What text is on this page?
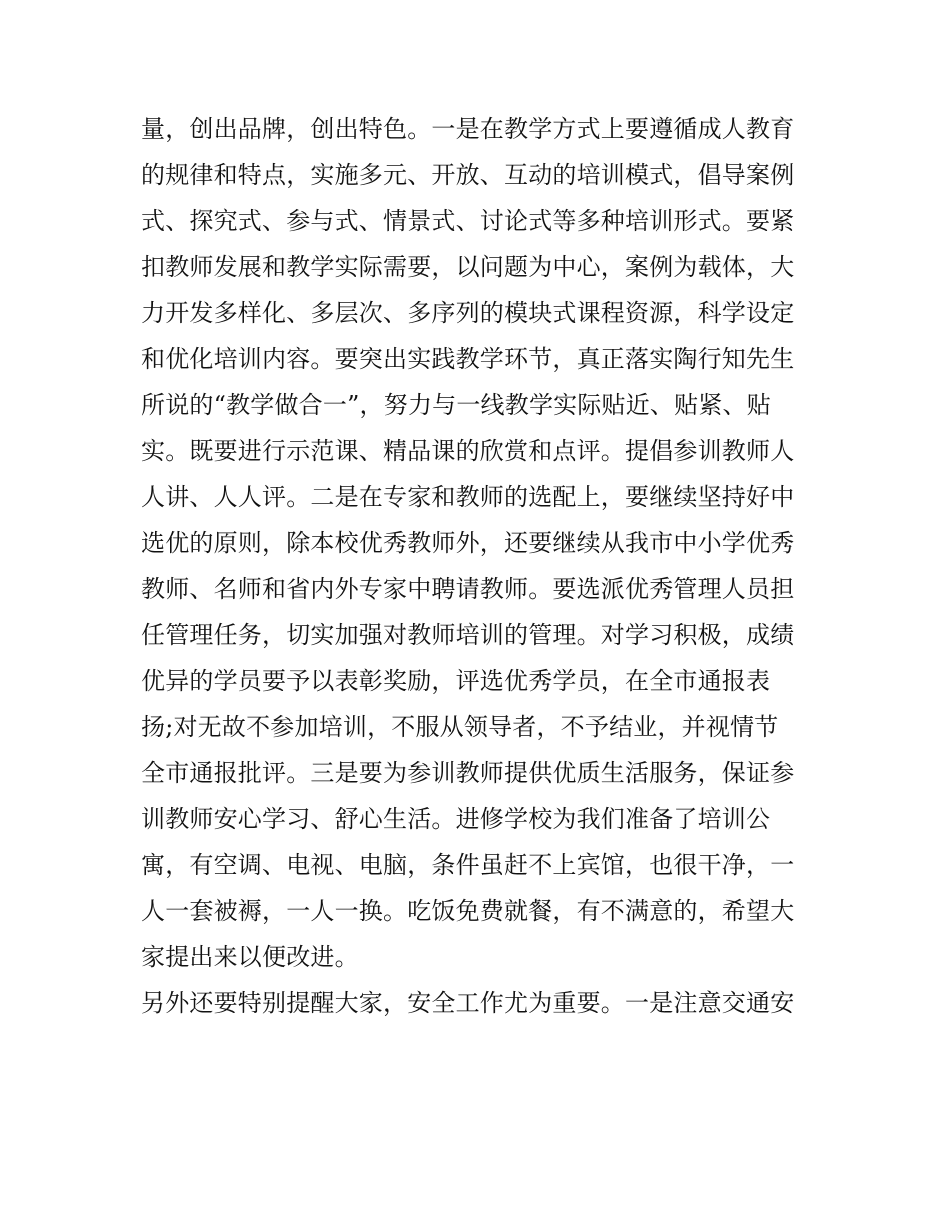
量，创出品牌，创出特色。一是在教学方式上要遵循成人教育
的规律和特点，实施多元、开放、互动的培训模式，倡导案例
式、探究式、参与式、情景式、讨论式等多种培训形式。要紧
扣教师发展和教学实际需要，以问题为中心，案例为载体，大
力开发多样化、多层次、多序列的模块式课程资源，科学设定
和优化培训内容。要突出实践教学环节，真正落实陶行知先生
所说的“教学做合一”，努力与一线教学实际贴近、贴紧、贴
实。既要进行示范课、精品课的欣赏和点评。提倡参训教师人
人讲、人人评。二是在专家和教师的选配上，要继续坚持好中
选优的原则，除本校优秀教师外，还要继续从我市中小学优秀
教师、名师和省内外专家中聘请教师。要选派优秀管理人员担
任管理任务，切实加强对教师培训的管理。对学习积极，成绩
优异的学员要予以表彰奖励，评选优秀学员，在全市通报表
扬;对无故不参加培训，不服从领导者，不予结业，并视情节
全市通报批评。三是要为参训教师提供优质生活服务，保证参
训教师安心学习、舒心生活。进修学校为我们准备了培训公
寓，有空调、电视、电脑，条件虽赶不上宾馆，也很干净，一
人一套被褥，一人一换。吃饭免费就餐，有不满意的，希望大
家提出来以便改进。
另外还要特别提醒大家，安全工作尤为重要。一是注意交通安
